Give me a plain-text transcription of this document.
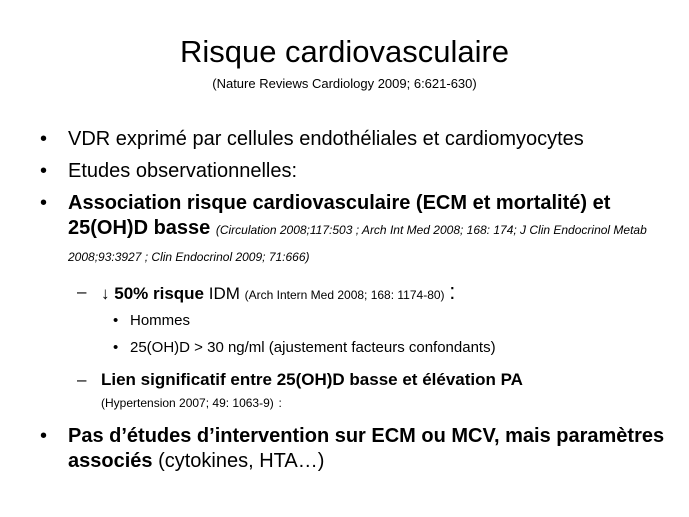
Risque cardiovasculaire
(Nature Reviews Cardiology 2009; 6:621-630)
• VDR exprimé par cellules endothéliales et cardiomyocytes
• Etudes observationnelles:
• Association risque cardiovasculaire (ECM et mortalité) et 25(OH)D basse (Circulation 2008;117:503 ; Arch Int Med 2008; 168: 174; J Clin Endocrinol Metab 2008;93:3927 ; Clin Endocrinol 2009; 71:666)
– ↓ 50% risque IDM (Arch Intern Med 2008; 168: 1174-80) :
• Hommes
• 25(OH)D > 30 ng/ml (ajustement facteurs confondants)
– Lien significatif entre 25(OH)D basse et élévation PA
(Hypertension 2007; 49: 1063-9) :
• Pas d’études d’intervention sur ECM ou MCV, mais paramètres associés (cytokines, HTA…)
